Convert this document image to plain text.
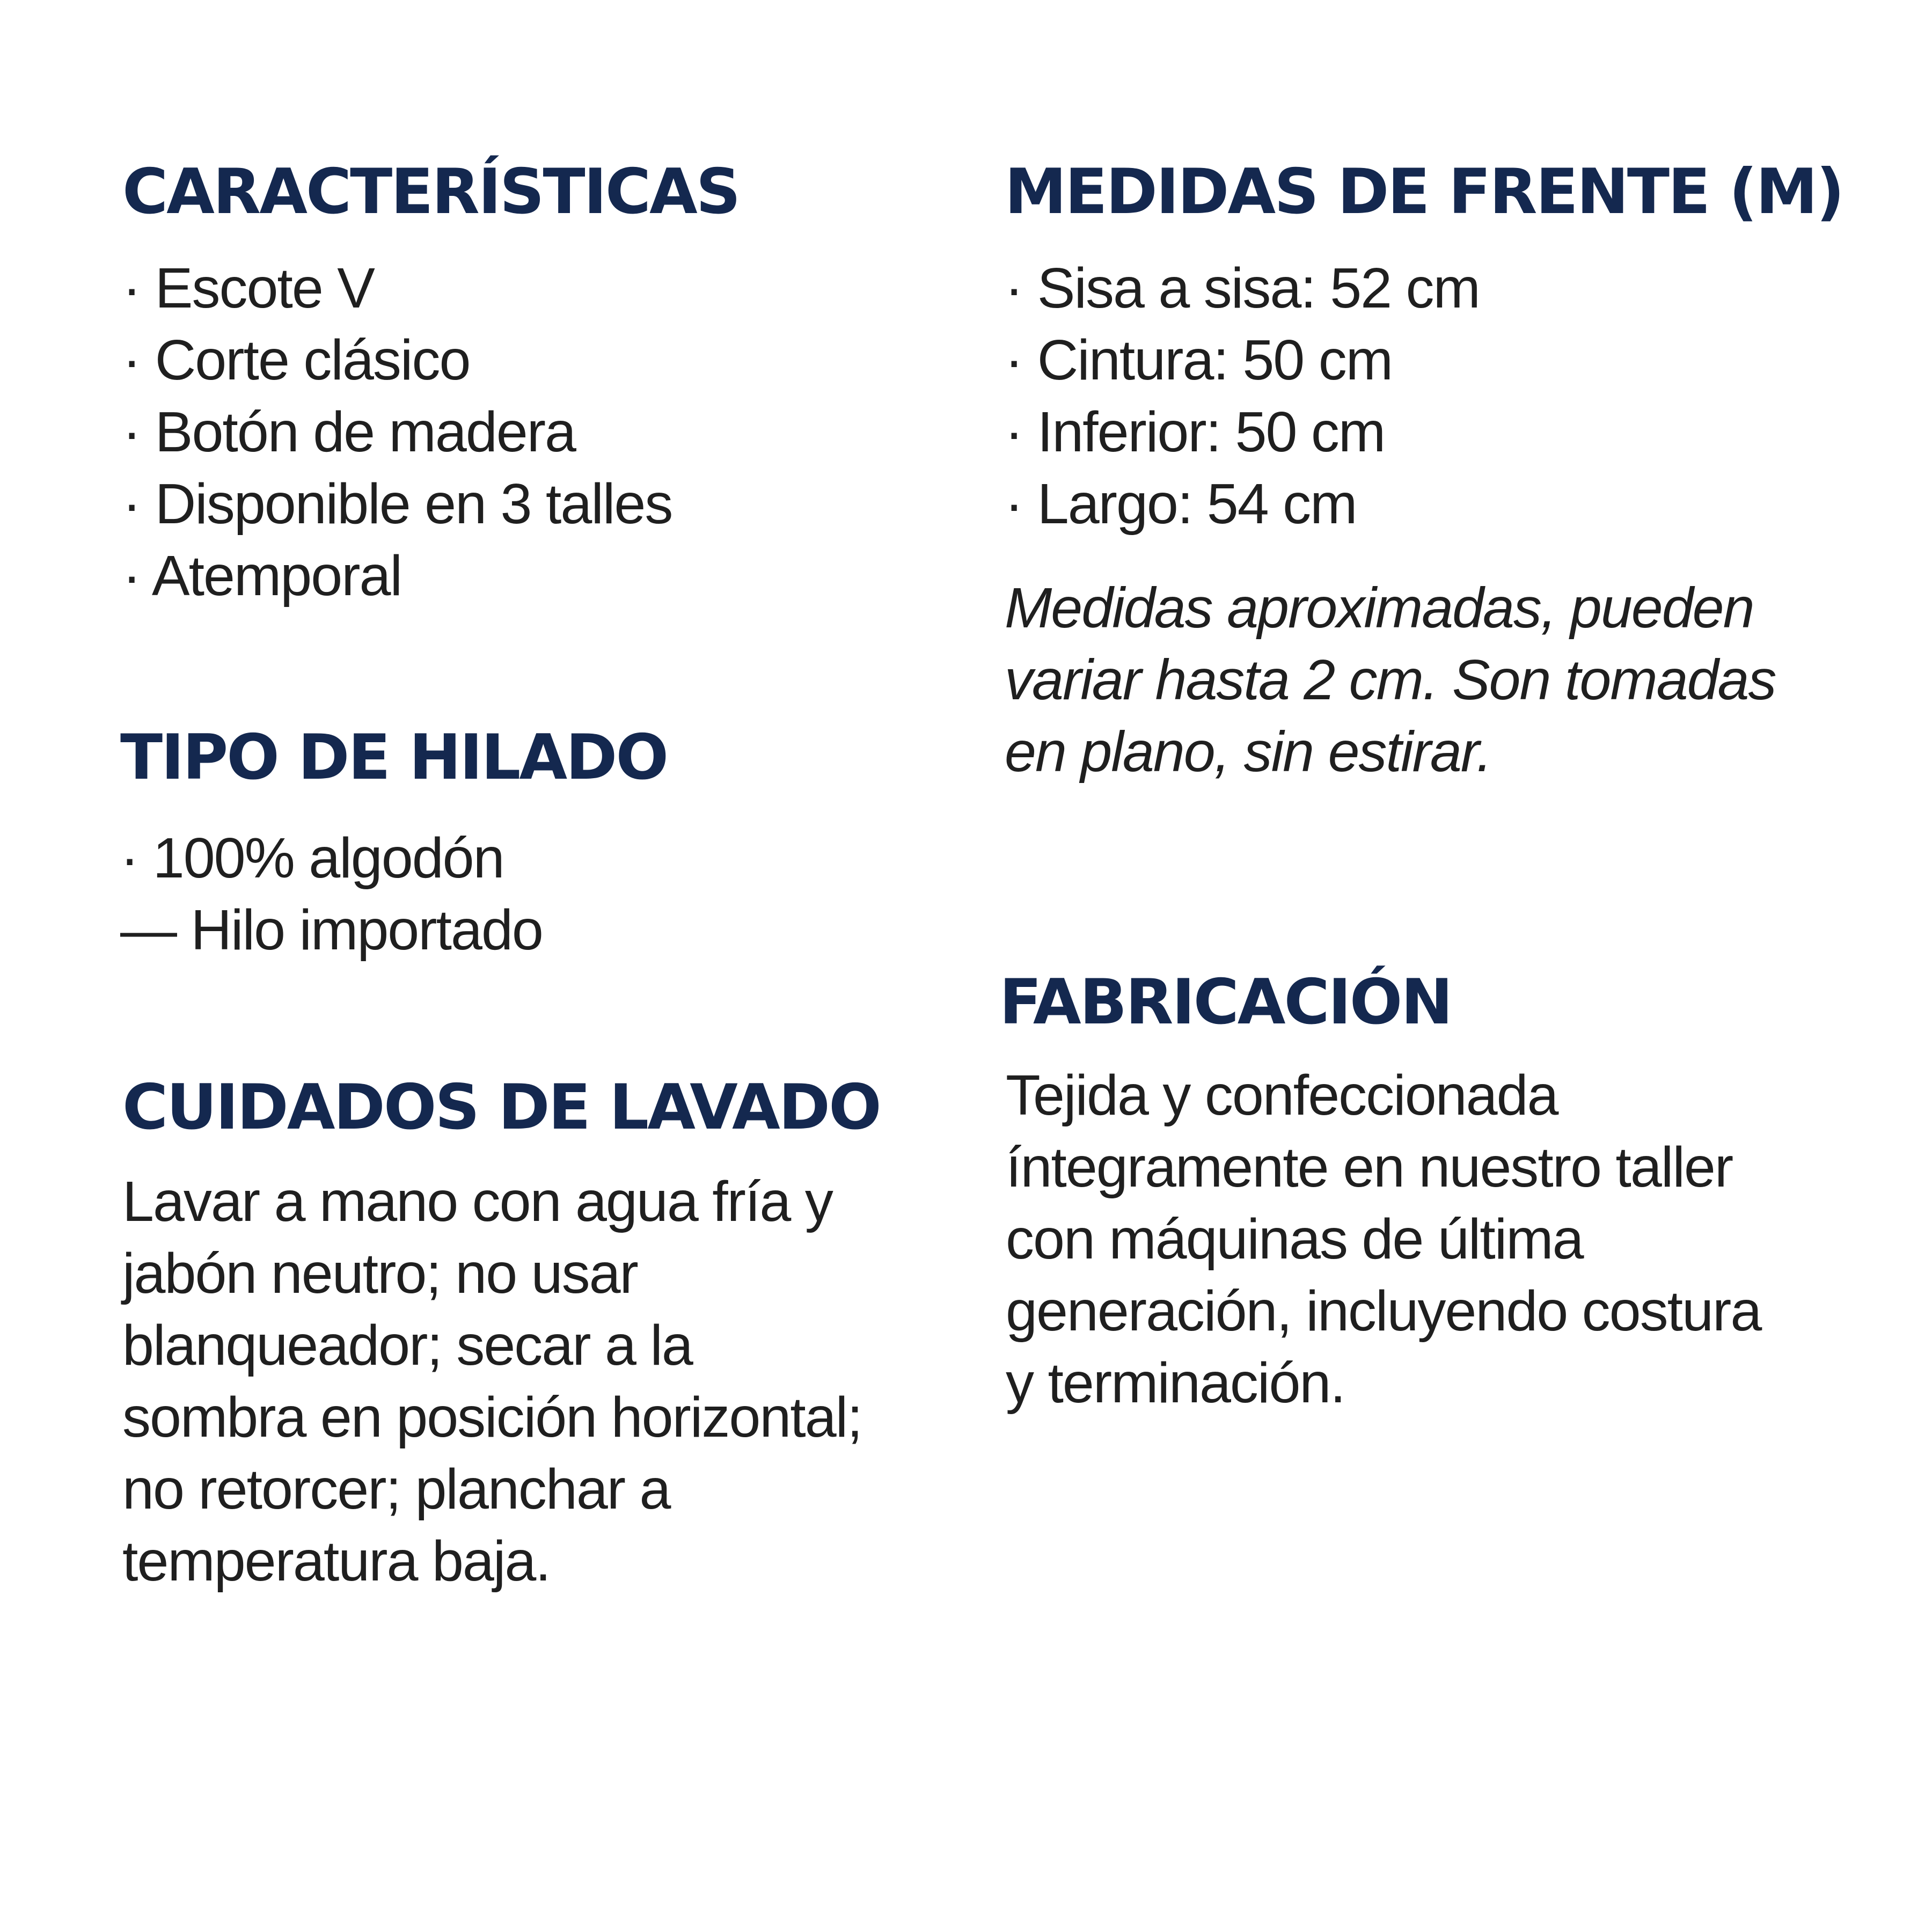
CARACTERÍSTICAS
· Escote V
· Corte clásico
· Botón de madera
· Disponible en 3 talles
· Atemporal
TIPO DE HILADO
· 100% algodón
— Hilo importado
CUIDADOS DE LAVADO

Lavar a mano con agua fría y
jabón neutro; no usar
blanqueador; secar a la
sombra en posición horizontal;
no retorcer; planchar a
temperatura baja.

MEDIDAS DE FRENTE (M)
· Sisa a sisa: 52 cm
· Cintura: 50 cm
· Inferior: 50 cm
· Largo: 54 cm

Medidas aproximadas, pueden
variar hasta 2 cm. Son tomadas
en plano, sin estirar.

FABRICACIÓN

Tejida y confeccionada
íntegramente en nuestro taller
con máquinas de última
generación, incluyendo costura
y terminación.
